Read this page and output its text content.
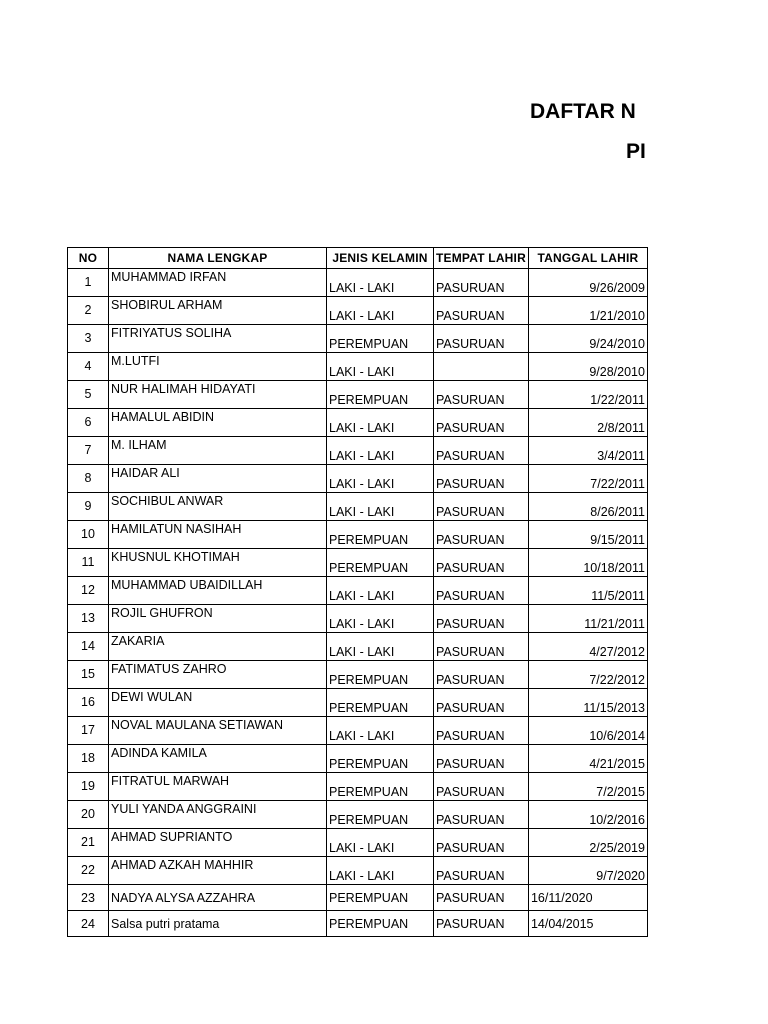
DAFTAR N
PI
NO	NAMA LENGKAP	JENIS KELAMIN	TEMPAT LAHIR	TANGGAL LAHIR
1	MUHAMMAD IRFAN	LAKI - LAKI	PASURUAN	9/26/2009
2	SHOBIRUL ARHAM	LAKI - LAKI	PASURUAN	1/21/2010
3	FITRIYATUS SOLIHA	PEREMPUAN	PASURUAN	9/24/2010
4	M.LUTFI	LAKI - LAKI		9/28/2010
5	NUR HALIMAH HIDAYATI	PEREMPUAN	PASURUAN	1/22/2011
6	HAMALUL ABIDIN	LAKI - LAKI	PASURUAN	2/8/2011
7	M. ILHAM	LAKI - LAKI	PASURUAN	3/4/2011
8	HAIDAR ALI	LAKI - LAKI	PASURUAN	7/22/2011
9	SOCHIBUL ANWAR	LAKI - LAKI	PASURUAN	8/26/2011
10	HAMILATUN NASIHAH	PEREMPUAN	PASURUAN	9/15/2011
11	KHUSNUL KHOTIMAH	PEREMPUAN	PASURUAN	10/18/2011
12	MUHAMMAD UBAIDILLAH	LAKI - LAKI	PASURUAN	11/5/2011
13	ROJIL GHUFRON	LAKI - LAKI	PASURUAN	11/21/2011
14	ZAKARIA	LAKI - LAKI	PASURUAN	4/27/2012
15	FATIMATUS ZAHRO	PEREMPUAN	PASURUAN	7/22/2012
16	DEWI WULAN	PEREMPUAN	PASURUAN	11/15/2013
17	NOVAL MAULANA SETIAWAN	LAKI - LAKI	PASURUAN	10/6/2014
18	ADINDA KAMILA	PEREMPUAN	PASURUAN	4/21/2015
19	FITRATUL MARWAH	PEREMPUAN	PASURUAN	7/2/2015
20	YULI YANDA ANGGRAINI	PEREMPUAN	PASURUAN	10/2/2016
21	AHMAD SUPRIANTO	LAKI - LAKI	PASURUAN	2/25/2019
22	AHMAD AZKAH MAHHIR	LAKI - LAKI	PASURUAN	9/7/2020
23	NADYA ALYSA AZZAHRA	PEREMPUAN	PASURUAN	16/11/2020
24	Salsa putri pratama	PEREMPUAN	PASURUAN	14/04/2015
